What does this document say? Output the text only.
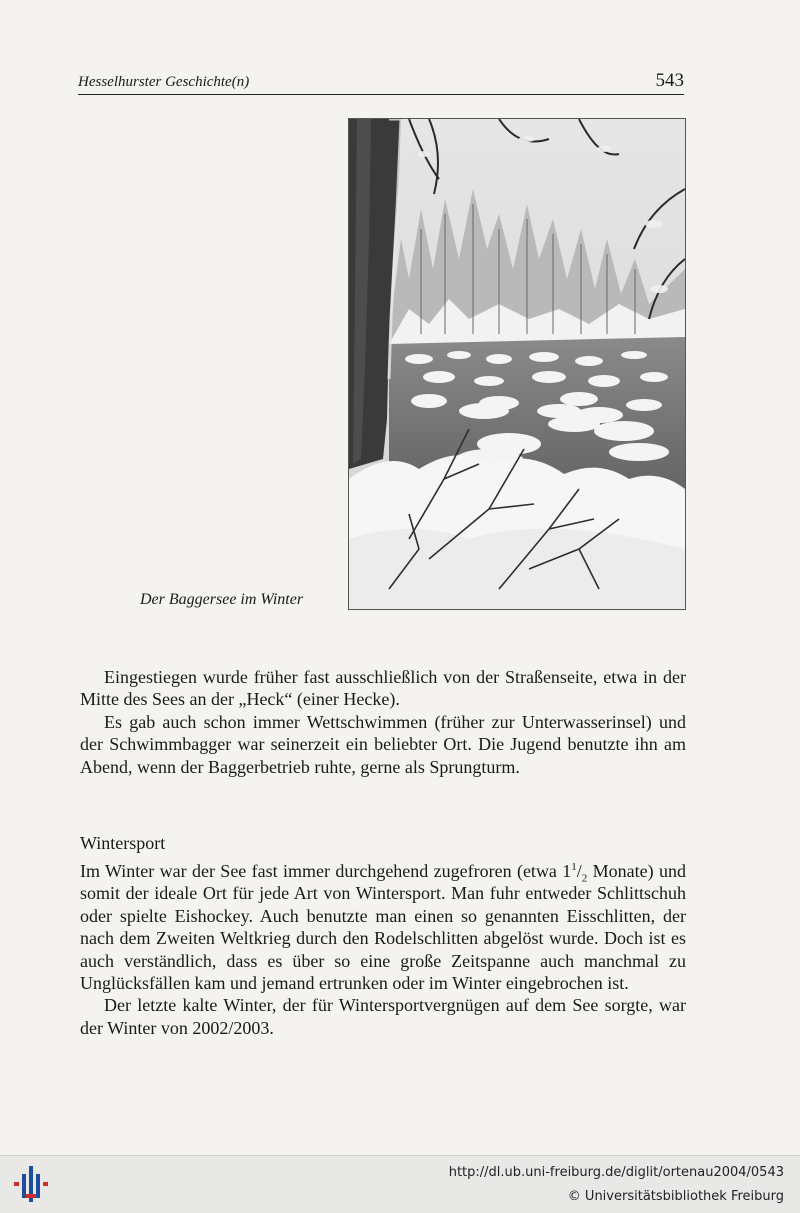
Hesselhurster Geschichte(n)	543
Der Baggersee im Winter

Eingestiegen wurde früher fast ausschließlich von der Straßenseite, etwa in der Mitte des Sees an der „Heck“ (einer Hecke).

Es gab auch schon immer Wettschwimmen (früher zur Unterwasserinsel) und der Schwimmbagger war seinerzeit ein beliebter Ort. Die Jugend benutzte ihn am Abend, wenn der Baggerbetrieb ruhte, gerne als Sprungturm.

Wintersport

Im Winter war der See fast immer durchgehend zugefroren (etwa $1^1/_2$ Monate) und somit der ideale Ort für jede Art von Wintersport. Man fuhr entweder Schlittschuh oder spielte Eishockey. Auch benutzte man einen so genannten Eisschlitten, der nach dem Zweiten Weltkrieg durch den Rodelschlitten abgelöst wurde. Doch ist es auch verständlich, dass es über so eine große Zeitspanne auch manchmal zu Unglücksfällen kam und jemand ertrunken oder im Winter eingebrochen ist.

Der letzte kalte Winter, der für Wintersportvergnügen auf dem See sorgte, war der Winter von 2002/2003.

http://dl.ub.uni-freiburg.de/diglit/ortenau2004/0543
© Universitätsbibliothek Freiburg
